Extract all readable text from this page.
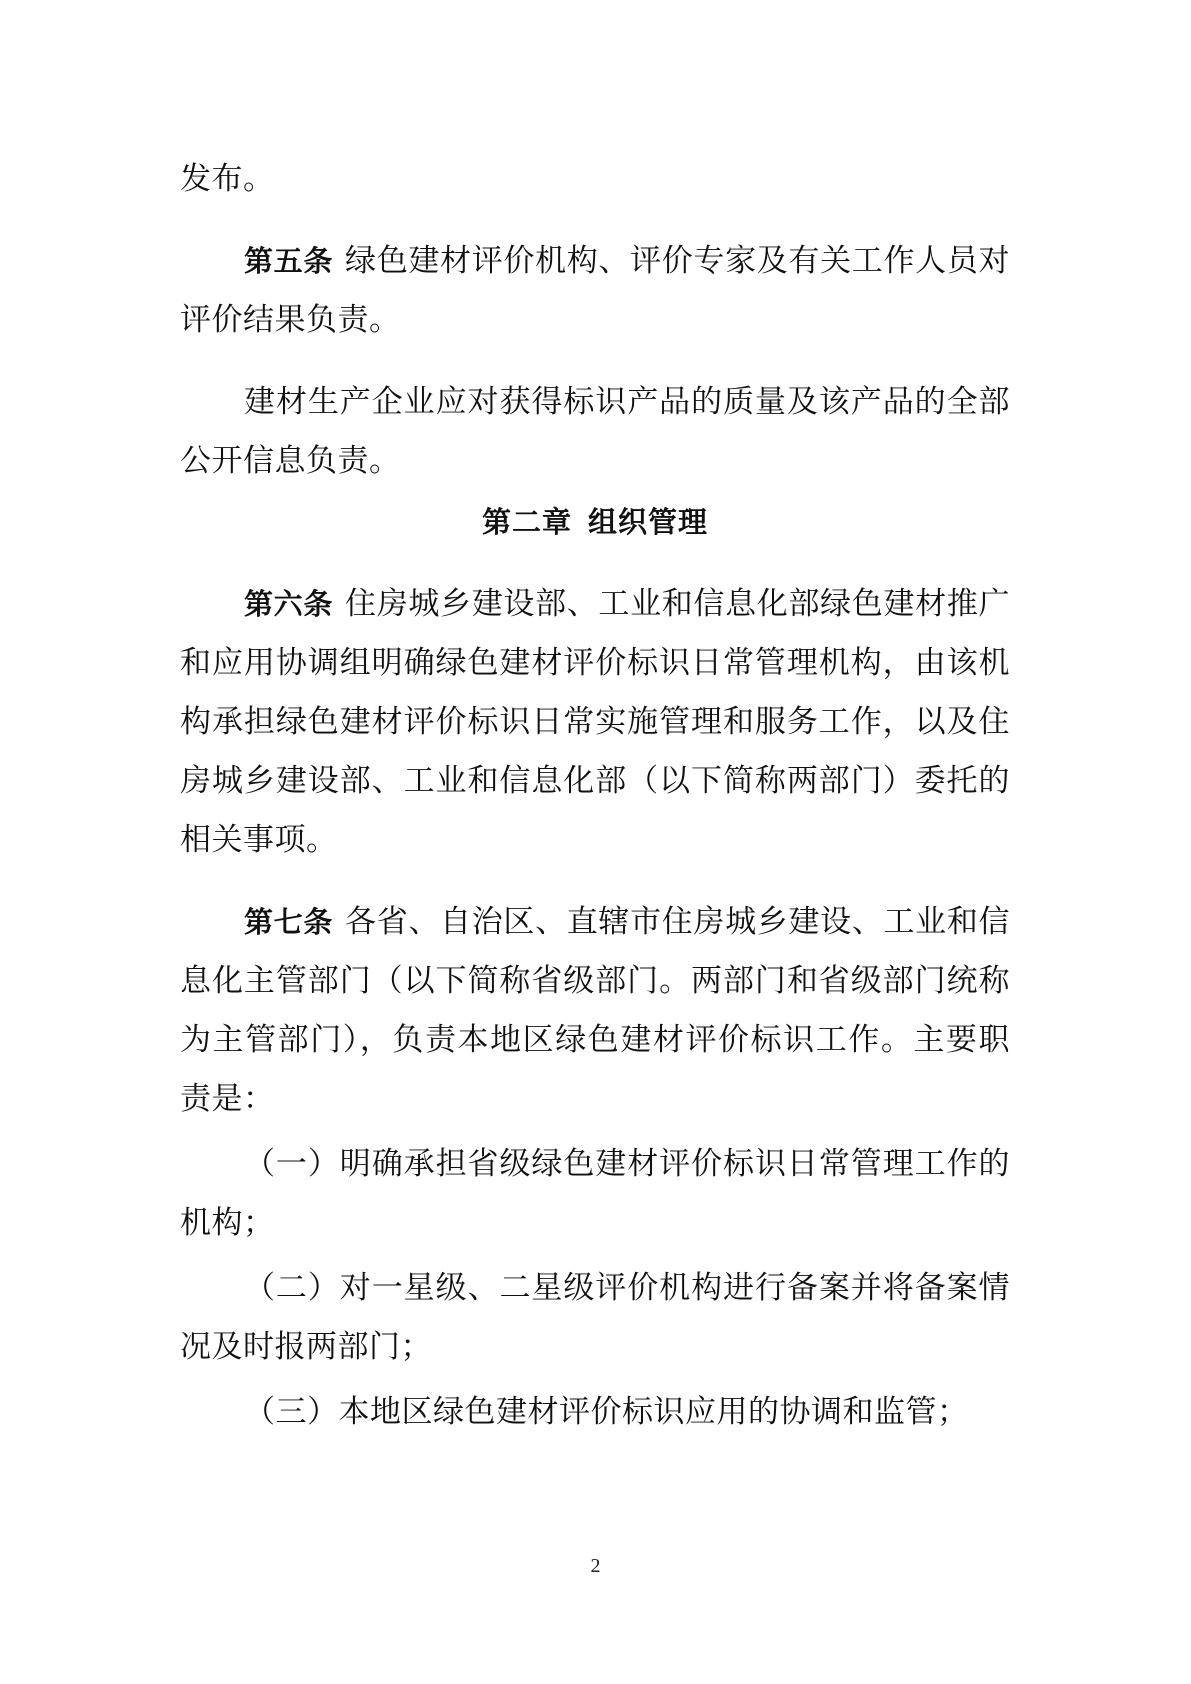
发布。

第五条 绿色建材评价机构、评价专家及有关工作人员对评价结果负责。

建材生产企业应对获得标识产品的质量及该产品的全部公开信息负责。

第二章 组织管理

第六条 住房城乡建设部、工业和信息化部绿色建材推广和应用协调组明确绿色建材评价标识日常管理机构，由该机构承担绿色建材评价标识日常实施管理和服务工作，以及住房城乡建设部、工业和信息化部（以下简称两部门）委托的相关事项。

第七条 各省、自治区、直辖市住房城乡建设、工业和信息化主管部门（以下简称省级部门。两部门和省级部门统称为主管部门），负责本地区绿色建材评价标识工作。主要职责是：

（一）明确承担省级绿色建材评价标识日常管理工作的机构；

（二）对一星级、二星级评价机构进行备案并将备案情况及时报两部门；

（三）本地区绿色建材评价标识应用的协调和监管；

2
